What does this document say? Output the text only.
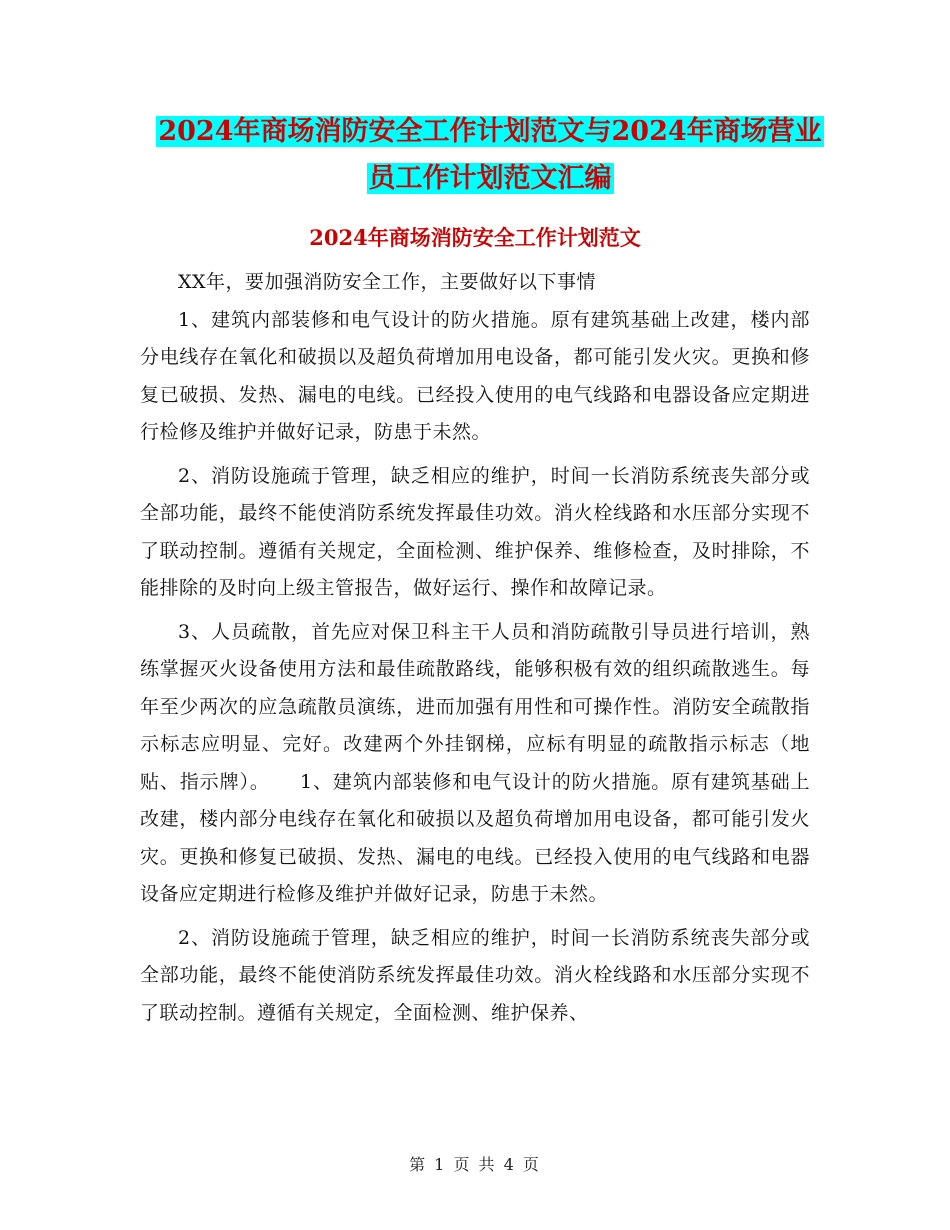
2024年商场消防安全工作计划范文与2024年商场营业
员工作计划范文汇编
2024年商场消防安全工作计划范文

XX年，要加强消防安全工作，主要做好以下事情

1、建筑内部装修和电气设计的防火措施。原有建筑基础上改建，楼内部分电线存在氧化和破损以及超负荷增加用电设备，都可能引发火灾。更换和修复已破损、发热、漏电的电线。已经投入使用的电气线路和电器设备应定期进行检修及维护并做好记录，防患于未然。

2、消防设施疏于管理，缺乏相应的维护，时间一长消防系统丧失部分或全部功能，最终不能使消防系统发挥最佳功效。消火栓线路和水压部分实现不了联动控制。遵循有关规定，全面检测、维护保养、维修检查，及时排除，不能排除的及时向上级主管报告，做好运行、操作和故障记录。

3、人员疏散，首先应对保卫科主干人员和消防疏散引导员进行培训，熟练掌握灭火设备使用方法和最佳疏散路线，能够积极有效的组织疏散逃生。每年至少两次的应急疏散员演练，进而加强有用性和可操作性。消防安全疏散指示标志应明显、完好。改建两个外挂钢梯，应标有明显的疏散指示标志（地贴、指示牌）。　　1、建筑内部装修和电气设计的防火措施。原有建筑基础上改建，楼内部分电线存在氧化和破损以及超负荷增加用电设备，都可能引发火灾。更换和修复已破损、发热、漏电的电线。已经投入使用的电气线路和电器设备应定期进行检修及维护并做好记录，防患于未然。

2、消防设施疏于管理，缺乏相应的维护，时间一长消防系统丧失部分或全部功能，最终不能使消防系统发挥最佳功效。消火栓线路和水压部分实现不了联动控制。遵循有关规定，全面检测、维护保养、

第 1 页 共 4 页
